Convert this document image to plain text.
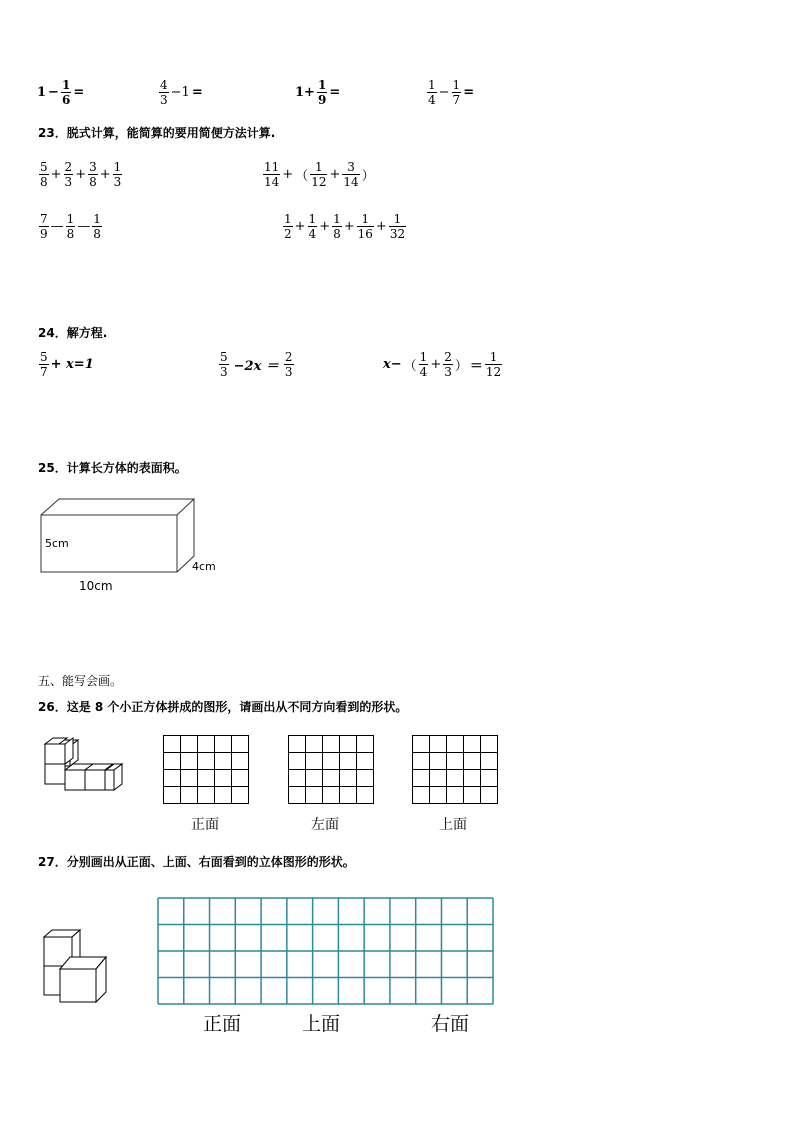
$1 - \frac{1}{6}$ =	$\frac{4}{3} -1$ =	$1+ \frac{1}{9}$ =	$\frac{1}{4} - \frac{1}{7}$ =
23．脱式计算，能简算的要用简便方法计算.
$\frac{5}{8} + \frac{2}{3} + \frac{3}{8} + \frac{1}{3}$	$\frac{11}{14}$ + （ $\frac{1}{12} + \frac{3}{14}$ ）
$\frac{7}{9}$ — $\frac{1}{8}$ — $\frac{1}{8}$	$\frac{1}{2} + \frac{1}{4} + \frac{1}{8} + \frac{1}{16} + \frac{1}{32}$
24．解方程.
$\frac{5}{7} + x=1$	$\frac{5}{3} -2x = \frac{2}{3}$	x− （ $\frac{1}{4} + \frac{2}{3}$ ） ＝ $\frac{1}{12}$
25．计算长方体的表面积。
5cm
4cm
10cm
五、能写会画。
26．这是 8 个小正方体拼成的图形，请画出从不同方向看到的形状。
正面	左面	上面
27．分别画出从正面、上面、右面看到的立体图形的形状。
正面	上面	右面
